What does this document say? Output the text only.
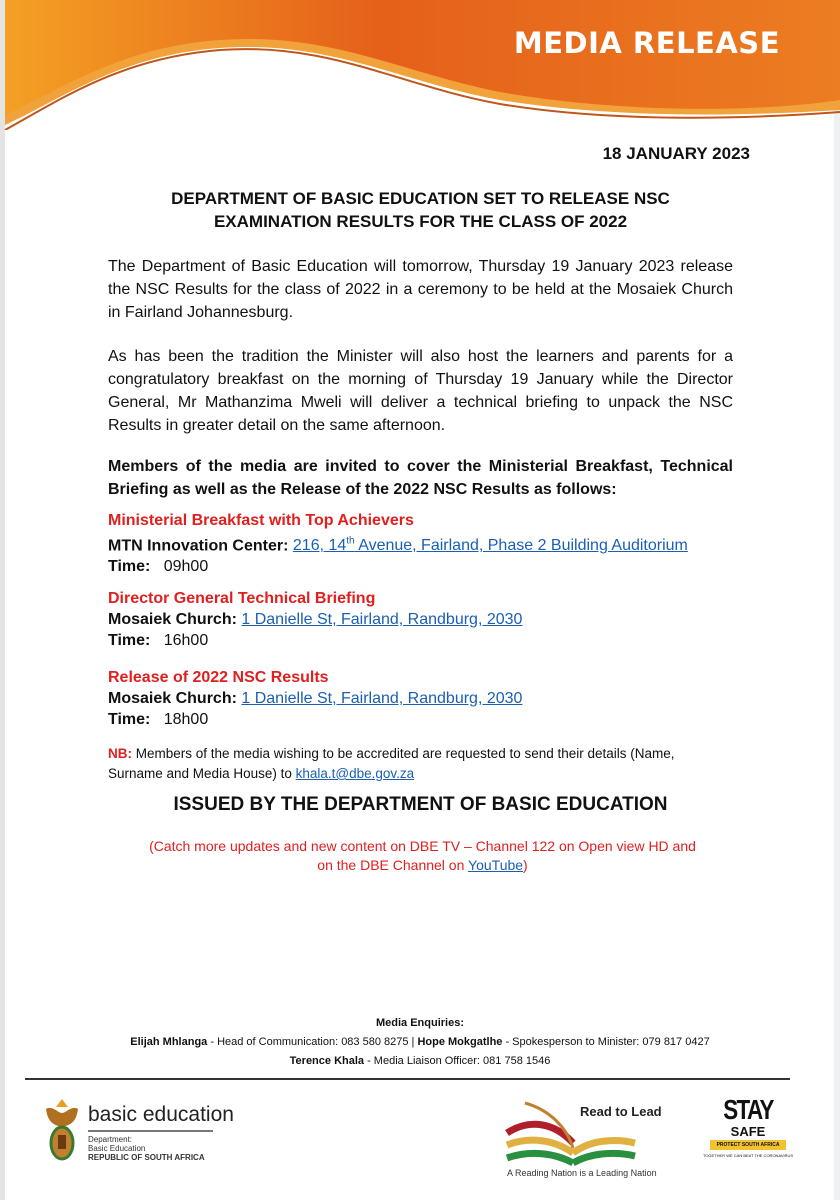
MEDIA RELEASE
18 JANUARY 2023
DEPARTMENT OF BASIC EDUCATION SET TO RELEASE NSC
EXAMINATION RESULTS FOR THE CLASS OF 2022
The Department of Basic Education will tomorrow, Thursday 19 January 2023 release the NSC Results for the class of 2022 in a ceremony to be held at the Mosaiek Church in Fairland Johannesburg.
As has been the tradition the Minister will also host the learners and parents for a congratulatory breakfast on the morning of Thursday 19 January while the Director General, Mr Mathanzima Mweli will deliver a technical briefing to unpack the NSC Results in greater detail on the same afternoon.
Members of the media are invited to cover the Ministerial Breakfast, Technical Briefing as well as the Release of the 2022 NSC Results as follows:
Ministerial Breakfast with Top Achievers
MTN Innovation Center: 216, 14th Avenue, Fairland, Phase 2 Building Auditorium
Time: 09h00
Director General Technical Briefing
Mosaiek Church: 1 Danielle St, Fairland, Randburg, 2030
Time: 16h00
Release of 2022 NSC Results
Mosaiek Church: 1 Danielle St, Fairland, Randburg, 2030
Time: 18h00
NB: Members of the media wishing to be accredited are requested to send their details (Name, Surname and Media House) to khala.t@dbe.gov.za
ISSUED BY THE DEPARTMENT OF BASIC EDUCATION
(Catch more updates and new content on DBE TV – Channel 122 on Open view HD and on the DBE Channel on YouTube)
Media Enquiries:
Elijah Mhlanga - Head of Communication: 083 580 8275 | Hope Mokgatlhe - Spokesperson to Minister: 079 817 0427
Terence Khala - Media Liaison Officer: 081 758 1546
basic education
Department:
Basic Education
REPUBLIC OF SOUTH AFRICA
Read to Lead
A Reading Nation is a Leading Nation
STAY
SAFE
PROTECT SOUTH AFRICA
TOGETHER WE CAN BEAT THE CORONAVIRUS
